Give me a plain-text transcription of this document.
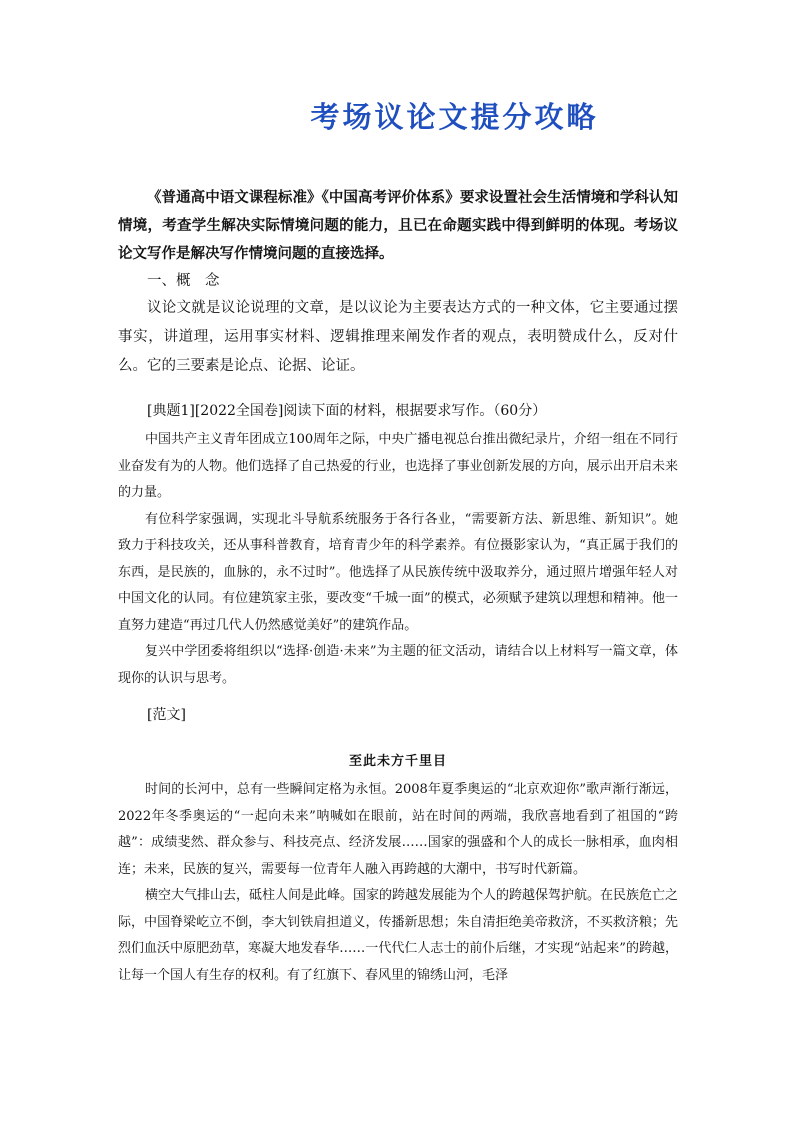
考场议论文提分攻略

《普通高中语文课程标准》《中国高考评价体系》要求设置社会生活情境和学科认知情境，考查学生解决实际情境问题的能力，且已在命题实践中得到鲜明的体现。考场议论文写作是解决写作情境问题的直接选择。

一、概　念

议论文就是议论说理的文章，是以议论为主要表达方式的一种文体，它主要通过摆事实，讲道理，运用事实材料、逻辑推理来阐发作者的观点，表明赞成什么，反对什么。它的三要素是论点、论据、论证。

[典题1][2022全国卷]阅读下面的材料，根据要求写作。（60分）

中国共产主义青年团成立100周年之际，中央广播电视总台推出微纪录片，介绍一组在不同行业奋发有为的人物。他们选择了自己热爱的行业，也选择了事业创新发展的方向，展示出开启未来的力量。

有位科学家强调，实现北斗导航系统服务于各行各业，“需要新方法、新思维、新知识”。她致力于科技攻关，还从事科普教育，培育青少年的科学素养。有位摄影家认为，“真正属于我们的东西，是民族的，血脉的，永不过时”。他选择了从民族传统中汲取养分，通过照片增强年轻人对中国文化的认同。有位建筑家主张，要改变“千城一面”的模式，必须赋予建筑以理想和精神。他一直努力建造“再过几代人仍然感觉美好”的建筑作品。

复兴中学团委将组织以“选择·创造·未来”为主题的征文活动，请结合以上材料写一篇文章，体现你的认识与思考。

[范文]

至此未方千里目

时间的长河中，总有一些瞬间定格为永恒。2008年夏季奥运的“北京欢迎你”歌声渐行渐远，2022年冬季奥运的“一起向未来”呐喊如在眼前，站在时间的两端，我欣喜地看到了祖国的“跨越”：成绩斐然、群众参与、科技亮点、经济发展……国家的强盛和个人的成长一脉相承，血肉相连；未来，民族的复兴，需要每一位青年人融入再跨越的大潮中，书写时代新篇。

横空大气排山去，砥柱人间是此峰。国家的跨越发展能为个人的跨越保驾护航。在民族危亡之际，中国脊梁屹立不倒，李大钊铁肩担道义，传播新思想；朱自清拒绝美帝救济，不买救济粮；先烈们血沃中原肥劲草，寒凝大地发春华……一代代仁人志士的前仆后继，才实现“站起来”的跨越，让每一个国人有生存的权利。有了红旗下、春风里的锦绣山河，毛泽
